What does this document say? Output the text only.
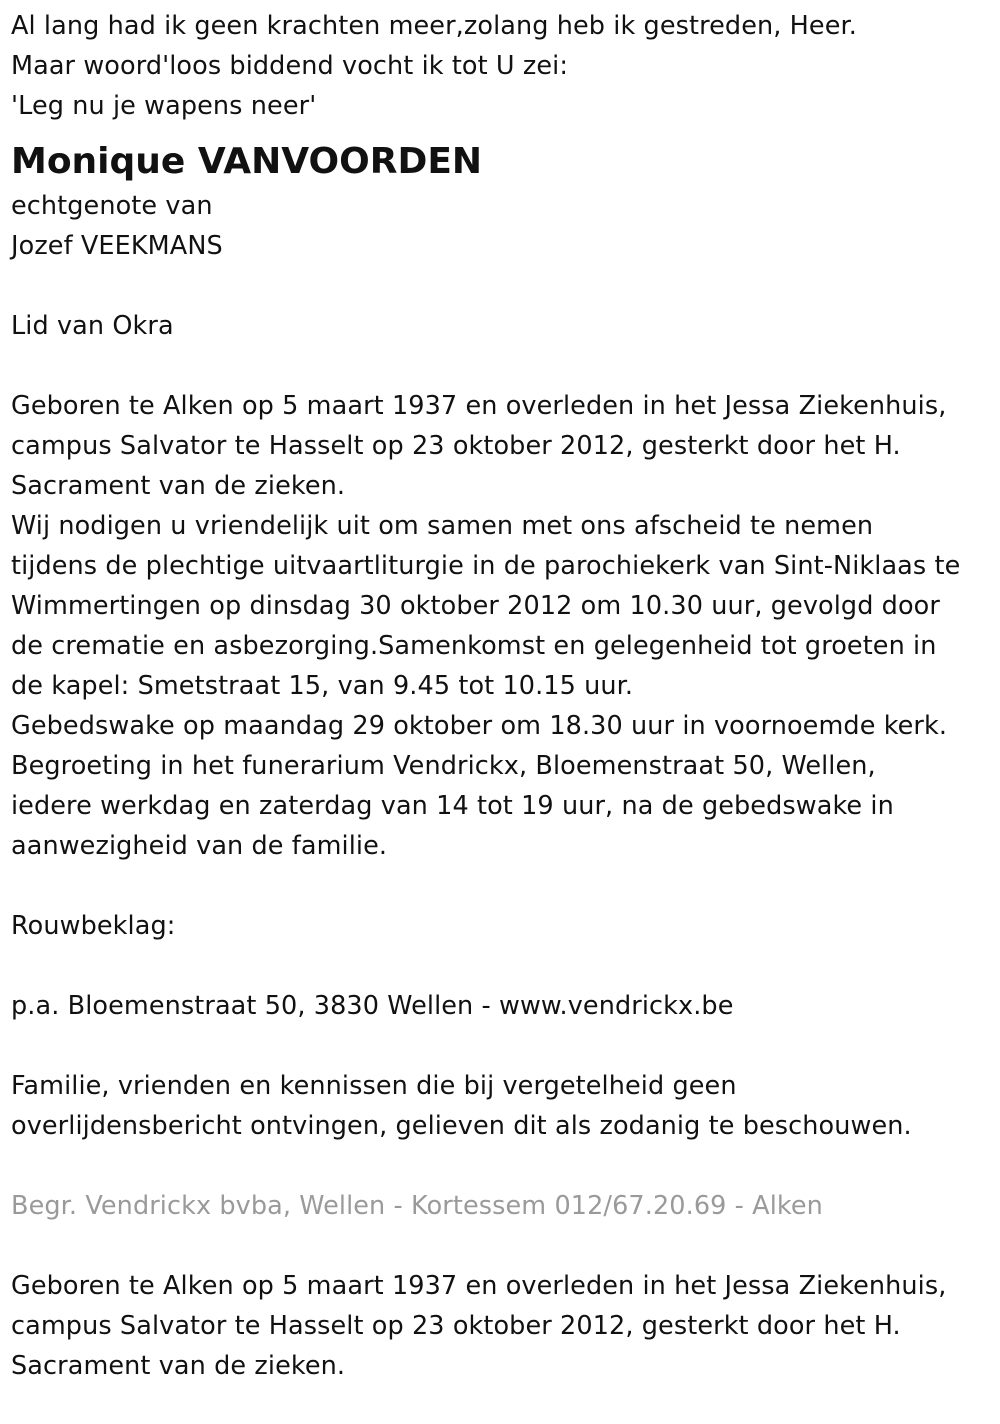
Al lang had ik geen krachten meer,zolang heb ik gestreden, Heer.
Maar woord'loos biddend vocht ik tot U zei:
'Leg nu je wapens neer'
Monique VANVOORDEN
echtgenote van
Jozef VEEKMANS
Lid van Okra
Geboren te Alken op 5 maart 1937 en overleden in het Jessa Ziekenhuis,
campus Salvator te Hasselt op 23 oktober 2012, gesterkt door het H.
Sacrament van de zieken.
Wij nodigen u vriendelijk uit om samen met ons afscheid te nemen
tijdens de plechtige uitvaartliturgie in de parochiekerk van Sint-Niklaas te
Wimmertingen op dinsdag 30 oktober 2012 om 10.30 uur, gevolgd door
de crematie en asbezorging.Samenkomst en gelegenheid tot groeten in
de kapel: Smetstraat 15, van 9.45 tot 10.15 uur.
Gebedswake op maandag 29 oktober om 18.30 uur in voornoemde kerk.
Begroeting in het funerarium Vendrickx, Bloemenstraat 50, Wellen,
iedere werkdag en zaterdag van 14 tot 19 uur, na de gebedswake in
aanwezigheid van de familie.
Rouwbeklag:
p.a. Bloemenstraat 50, 3830 Wellen - www.vendrickx.be
Familie, vrienden en kennissen die bij vergetelheid geen
overlijdensbericht ontvingen, gelieven dit als zodanig te beschouwen.
Begr. Vendrickx bvba, Wellen - Kortessem 012/67.20.69 - Alken
Geboren te Alken op 5 maart 1937 en overleden in het Jessa Ziekenhuis,
campus Salvator te Hasselt op 23 oktober 2012, gesterkt door het H.
Sacrament van de zieken.
